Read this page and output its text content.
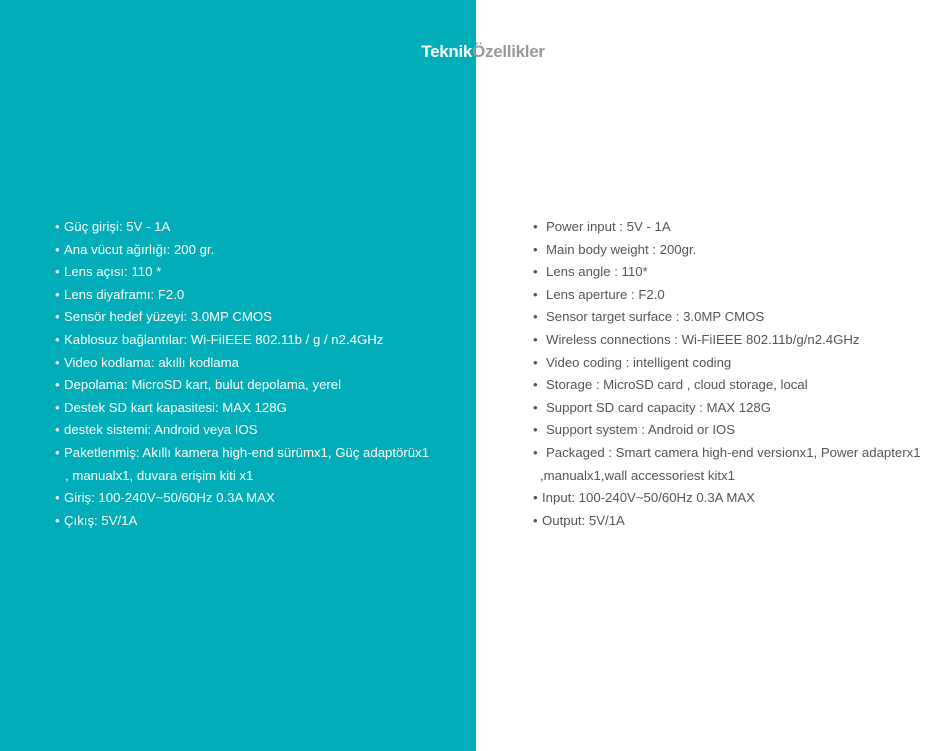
TeknikÖzellikler
• Güç girişi: 5V - 1A
• Ana vücut ağırlığı: 200 gr.
• Lens açısı: 110 *
• Lens diyaframı: F2.0
• Sensör hedef yüzeyi: 3.0MP CMOS
• Kablosuz bağlantılar: Wi-FiIEEE 802.11b / g / n2.4GHz
• Video kodlama: akıllı kodlama
• Depolama: MicroSD kart, bulut depolama, yerel
• Destek SD kart kapasitesi: MAX 128G
• destek sistemi: Android veya IOS
• Paketlenmiş: Akıllı kamera high-end sürümx1, Güç adaptörüx1
, manualx1, duvara erişim kiti x1
• Giriş: 100-240V~50/60Hz 0.3A MAX
• Çıkış: 5V/1A
• Power input : 5V - 1A
• Main body weight : 200gr.
• Lens angle : 110*
• Lens aperture : F2.0
• Sensor target surface : 3.0MP CMOS
• Wireless connections : Wi-FiIEEE 802.11b/g/n2.4GHz
• Video coding : intelligent coding
• Storage : MicroSD card , cloud storage, local
• Support SD card capacity : MAX 128G
• Support system : Android or IOS
• Packaged : Smart camera high-end versionx1, Power adapterx1
,manualx1,wall accessoriest kitx1
• Input: 100-240V~50/60Hz 0.3A MAX
• Output: 5V/1A
